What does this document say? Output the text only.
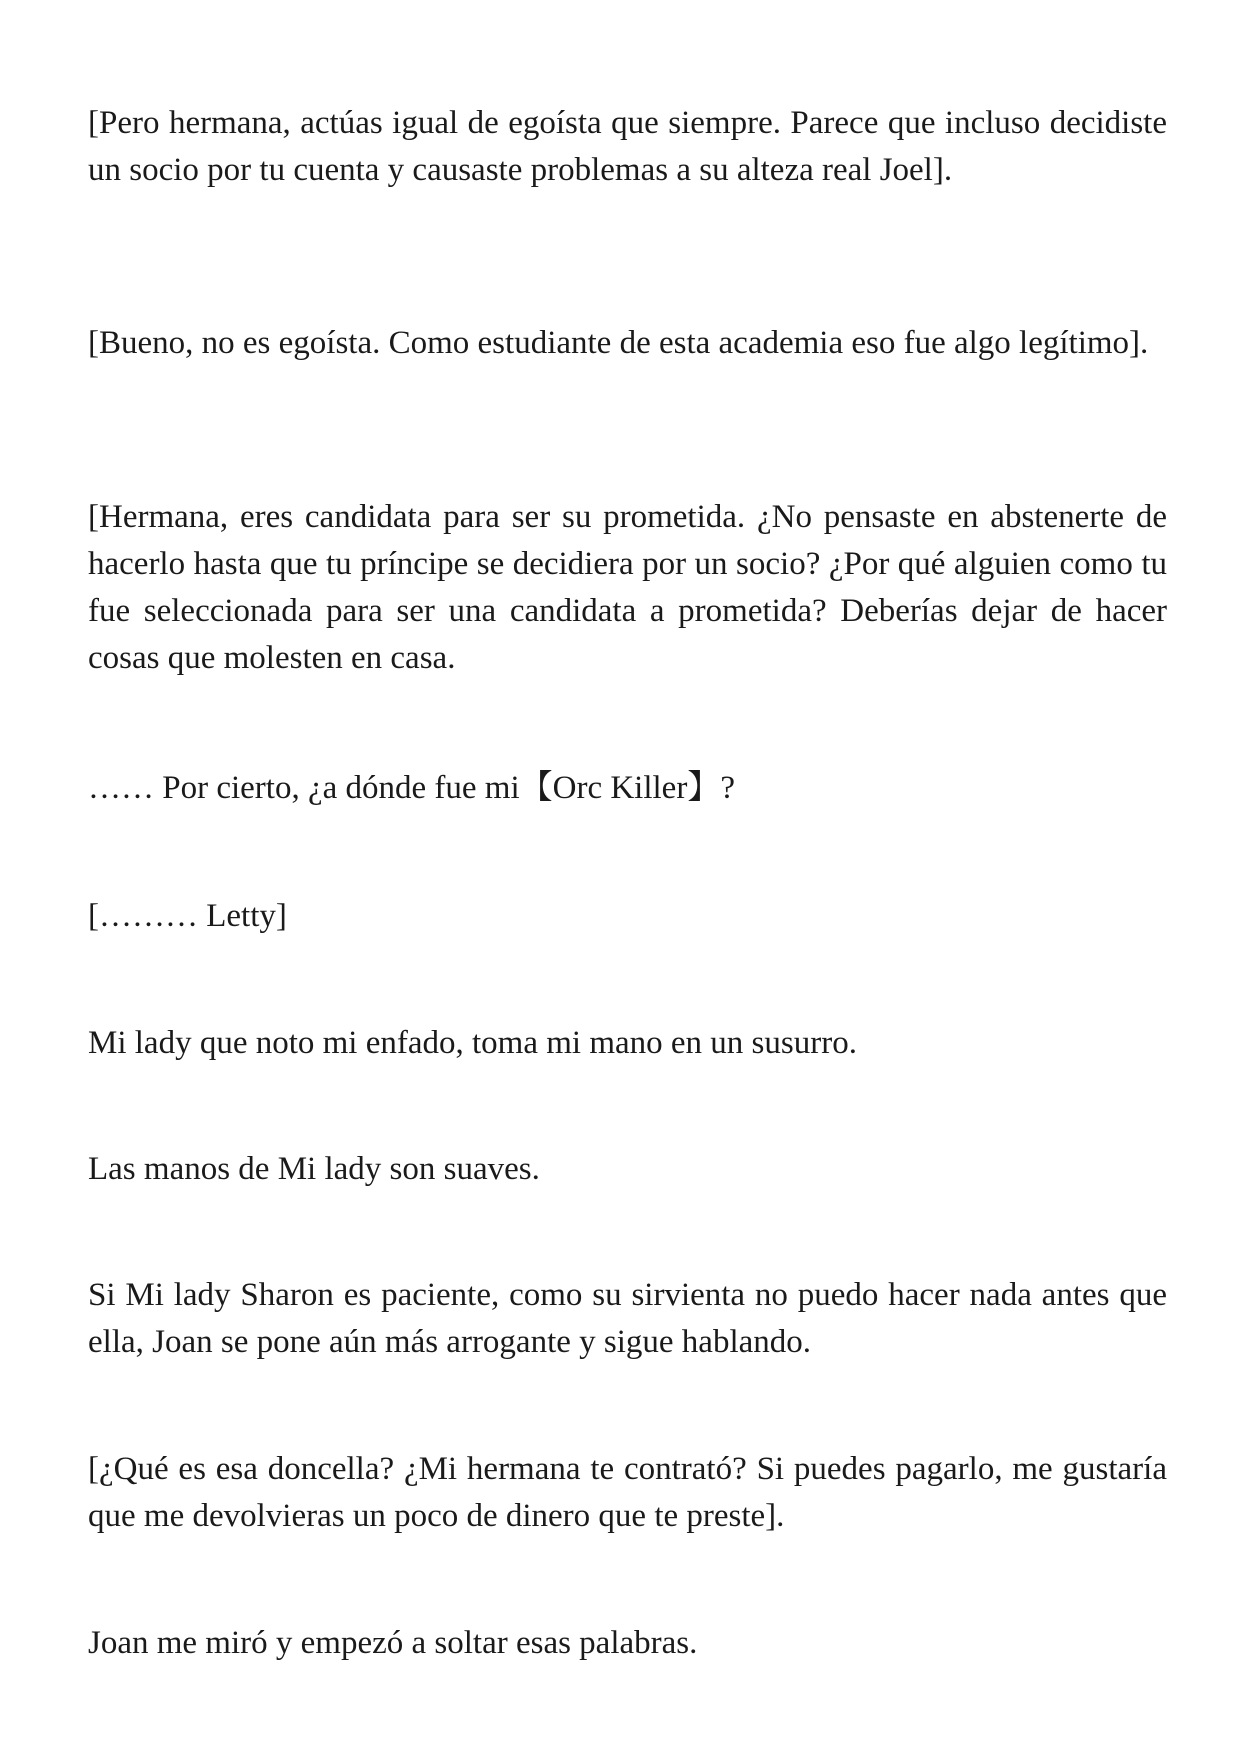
[Pero hermana, actúas igual de egoísta que siempre. Parece que incluso decidiste un socio por tu cuenta y causaste problemas a su alteza real Joel].

[Bueno, no es egoísta. Como estudiante de esta academia eso fue algo legítimo].

[Hermana, eres candidata para ser su prometida. ¿No pensaste en abstenerte de hacerlo hasta que tu príncipe se decidiera por un socio? ¿Por qué alguien como tu fue seleccionada para ser una candidata a prometida? Deberías dejar de hacer cosas que molesten en casa.

…… Por cierto, ¿a dónde fue mi【Orc Killer】?

[……… Letty]

Mi lady que noto mi enfado, toma mi mano en un susurro.

Las manos de Mi lady son suaves.

Si Mi lady Sharon es paciente, como su sirvienta no puedo hacer nada antes que ella, Joan se pone aún más arrogante y sigue hablando.

[¿Qué es esa doncella? ¿Mi hermana te contrató? Si puedes pagarlo, me gustaría que me devolvieras un poco de dinero que te preste].

Joan me miró y empezó a soltar esas palabras.
